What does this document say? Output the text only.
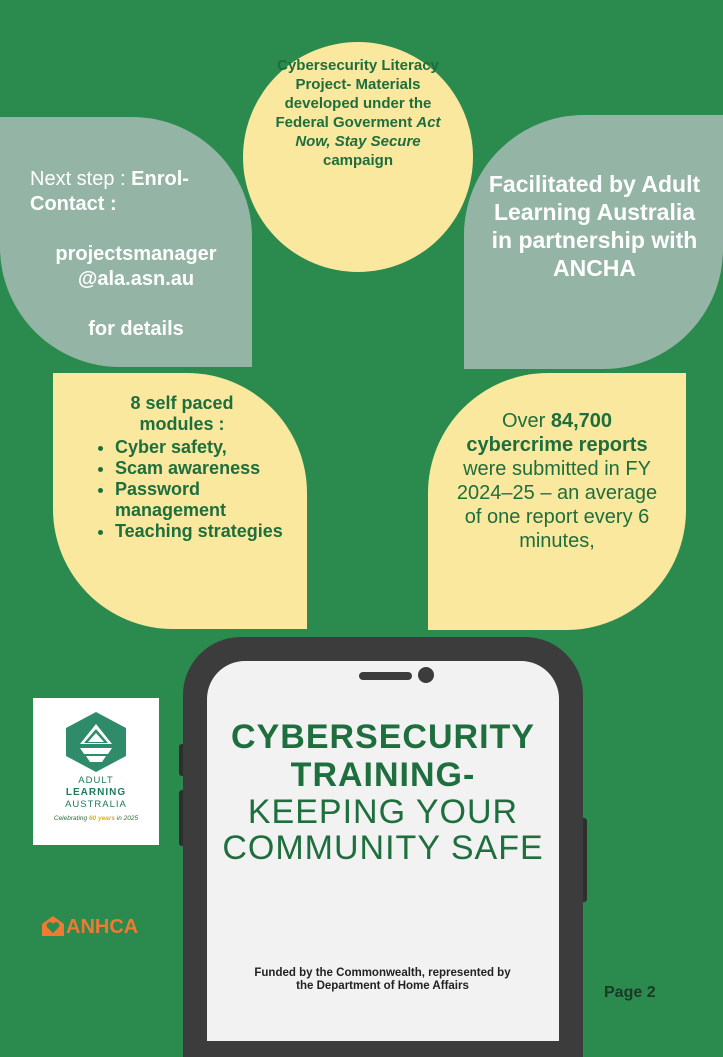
Cybersecurity Literacy Project- Materials developed under the Federal Goverment Act Now, Stay Secure campaign
Next step : Enrol- Contact :
projectsmanager @ala.asn.au
for details
Facilitated by Adult Learning Australia in partnership with ANCHA
8 self paced modules :
• Cyber safety,
• Scam awareness
• Password management
• Teaching strategies
Over 84,700 cybercrime reports were submitted in FY 2024–25 – an average of one report every 6 minutes,
CYBERSECURITY TRAINING-
KEEPING YOUR COMMUNITY SAFE
Funded by the Commonwealth, represented by the Department of Home Affairs
ADULT
LEARNING
AUSTRALIA
Celebrating 60 years in 2025
ANHCA
Page 2
